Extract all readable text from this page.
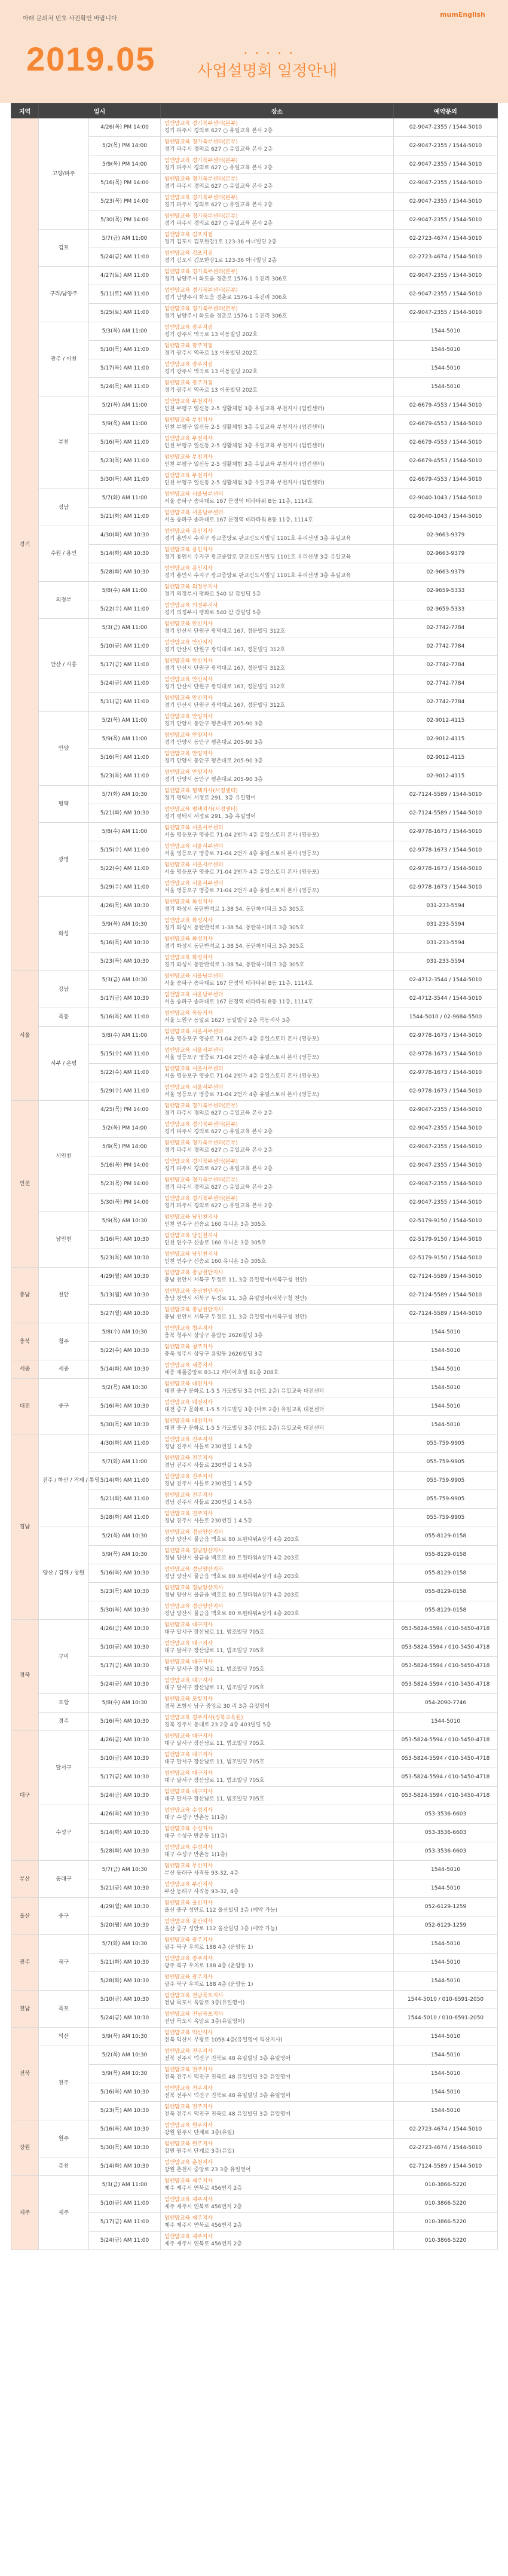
아래 문의처 번호 사전확인 바랍니다.
mumEnglish
2019.05	•••••
사업설명회 일정안내
지역	일시		장소	예약문의
경기	고양/파주	4/26(목) PM 14:00	엄앤맘교육 경기북부센터(본부)
경기 파주시 경의로 627 ○ 유일교육 본사 2층	02-9047-2355 / 1544-5010
		5/2(목) PM 14:00	엄앤맘교육 경기북부센터(본부)
경기 파주시 경의로 627 ○ 유일교육 본사 2층	02-9047-2355 / 1544-5010
		5/9(목) PM 14:00	엄앤맘교육 경기북부센터(본부)
경기 파주시 경의로 627 ○ 유일교육 본사 2층	02-9047-2355 / 1544-5010
		5/16(목) PM 14:00	엄앤맘교육 경기북부센터(본부)
경기 파주시 경의로 627 ○ 유일교육 본사 2층	02-9047-2355 / 1544-5010
		5/23(목) PM 14:00	엄앤맘교육 경기북부센터(본부)
경기 파주시 경의로 627 ○ 유일교육 본사 2층	02-9047-2355 / 1544-5010
		5/30(목) PM 14:00	엄앤맘교육 경기북부센터(본부)
경기 파주시 경의로 627 ○ 유일교육 본사 2층	02-9047-2355 / 1544-5010
	김포	5/7(금) AM 11:00	엄앤맘교육 김포지점
경기 김포시 김포한강1로 123-36 아너빌딩 2층	02-2723-4674 / 1544-5010
		5/24(금) AM 11:00	엄앤맘교육 김포지점
경기 김포시 김포한강1로 123-36 아너빌딩 2층	02-2723-4674 / 1544-5010
	구리/남양주	4/27(토) AM 11:00	엄앤맘교육 경기북부센터(본부)
경기 남양주시 화도읍 경춘로 1576-1 유진리 306호	02-9047-2355 / 1544-5010
		5/11(토) AM 11:00	엄앤맘교육 경기북부센터(본부)
경기 남양주시 화도읍 경춘로 1576-1 유진리 306호	02-9047-2355 / 1544-5010
		5/25(토) AM 11:00	엄앤맘교육 경기북부센터(본부)
경기 남양주시 화도읍 경춘로 1576-1 유진리 306호	02-9047-2355 / 1544-5010
	광주 / 이천	5/3(목) AM 11:00	엄앤맘교육 광주지점
경기 광주시 역곡로 13 이동빌딩 202호	1544-5010
		5/10(목) AM 11:00	엄앤맘교육 광주지점
경기 광주시 역곡로 13 이동빌딩 202호	1544-5010
		5/17(목) AM 11:00	엄앤맘교육 광주지점
경기 광주시 역곡로 13 이동빌딩 202호	1544-5010
		5/24(목) AM 11:00	엄앤맘교육 광주지점
경기 광주시 역곡로 13 이동빌딩 202호	1544-5010
	부천	5/2(목) AM 11:00	엄앤맘교육 부천지사
인천 부평구 일신동 2-5 생활체험 3층 유일교육 부천지사 (엄킨센터)	02-6679-4553 / 1544-5010
		5/9(목) AM 11:00	엄앤맘교육 부천지사
인천 부평구 일신동 2-5 생활체험 3층 유일교육 부천지사 (엄킨센터)	02-6679-4553 / 1544-5010
		5/16(목) AM 11:00	엄앤맘교육 부천지사
인천 부평구 일신동 2-5 생활체험 3층 유일교육 부천지사 (엄킨센터)	02-6679-4553 / 1544-5010
		5/23(목) AM 11:00	엄앤맘교육 부천지사
인천 부평구 일신동 2-5 생활체험 3층 유일교육 부천지사 (엄킨센터)	02-6679-4553 / 1544-5010
		5/30(목) AM 11:00	엄앤맘교육 부천지사
인천 부평구 일신동 2-5 생활체험 3층 유일교육 부천지사 (엄킨센터)	02-6679-4553 / 1544-5010
	성남	5/7(화) AM 11:00	엄앤맘교육 서울남부센터
서울 송파구 송파대로 167 문정역 테라타워 B동 11층, 1114호	02-9040-1043 / 1544-5010
		5/21(화) AM 11:00	엄앤맘교육 서울남부센터
서울 송파구 송파대로 167 문정역 테라타워 B동 11층, 1114호	02-9040-1043 / 1544-5010
	수원 / 용인	4/30(화) AM 10:30	엄앤맘교육 용인지사
경기 용인시 수지구 광교중앙로 판교신도시빌딩 1101호 우리선생 3층 유일교육	02-9663-9379
		5/14(화) AM 10:30	엄앤맘교육 용인지사
경기 용인시 수지구 광교중앙로 판교신도시빌딩 1101호 우리선생 3층 유일교육	02-9663-9379
		5/28(화) AM 10:30	엄앤맘교육 용인지사
경기 용인시 수지구 광교중앙로 판교신도시빌딩 1101호 우리선생 3층 유일교육	02-9663-9379
	의정부	5/8(수) AM 11:00	엄앤맘교육 의정부지사
경기 의정부시 평화로 540 삼 갑빌딩 5층	02-9659-5333
		5/22(수) AM 11:00	엄앤맘교육 의정부지사
경기 의정부시 평화로 540 삼 갑빌딩 5층	02-9659-5333
	안산 / 시흥	5/3(금) AM 11:00	엄앤맘교육 안산지사
경기 안산시 단원구 광덕대로 167, 정문빌딩 312호	02-7742-7784
		5/10(금) AM 11:00	엄앤맘교육 안산지사
경기 안산시 단원구 광덕대로 167, 정문빌딩 312호	02-7742-7784
		5/17(금) AM 11:00	엄앤맘교육 안산지사
경기 안산시 단원구 광덕대로 167, 정문빌딩 312호	02-7742-7784
		5/24(금) AM 11:00	엄앤맘교육 안산지사
경기 안산시 단원구 광덕대로 167, 정문빌딩 312호	02-7742-7784
		5/31(금) AM 11:00	엄앤맘교육 안산지사
경기 안산시 단원구 광덕대로 167, 정문빌딩 312호	02-7742-7784
	안양	5/2(목) AM 11:00	엄앤맘교육 안양지사
경기 안양시 동안구 평촌대로 205-90 3층	02-9012-4115
		5/9(목) AM 11:00	엄앤맘교육 안양지사
경기 안양시 동안구 평촌대로 205-90 3층	02-9012-4115
		5/16(목) AM 11:00	엄앤맘교육 안양지사
경기 안양시 동안구 평촌대로 205-90 3층	02-9012-4115
		5/23(목) AM 11:00	엄앤맘교육 안양지사
경기 안양시 동안구 평촌대로 205-90 3층	02-9012-4115
	평택	5/7(화) AM 10:30	엄앤맘교육 평택지사(서정센터)
경기 평택시 서정로 291, 3층 유일영어	02-7124-5589 / 1544-5010
		5/21(화) AM 10:30	엄앤맘교육 평택지사(서정센터)
경기 평택시 서정로 291, 3층 유일영어	02-7124-5589 / 1544-5010
	광명	5/8(수) AM 11:00	엄앤맘교육 서울서부센터
서울 영등포구 영중로 71-04 2번가 4층 유일스토리 본사 (영등포)	02-9778-1673 / 1544-5010
		5/15(수) AM 11:00	엄앤맘교육 서울서부센터
서울 영등포구 영중로 71-04 2번가 4층 유일스토리 본사 (영등포)	02-9778-1673 / 1544-5010
		5/22(수) AM 11:00	엄앤맘교육 서울서부센터
서울 영등포구 영중로 71-04 2번가 4층 유일스토리 본사 (영등포)	02-9778-1673 / 1544-5010
		5/29(수) AM 11:00	엄앤맘교육 서울서부센터
서울 영등포구 영중로 71-04 2번가 4층 유일스토리 본사 (영등포)	02-9778-1673 / 1544-5010
	화성	4/26(목) AM 10:30	엄앤맘교육 화성지사
경기 화성시 동탄반석로 1-38 54, 동탄하이피크 3층 305호	031-233-5594
		5/9(목) AM 10:30	엄앤맘교육 화성지사
경기 화성시 동탄반석로 1-38 54, 동탄하이피크 3층 305호	031-233-5594
		5/16(목) AM 10:30	엄앤맘교육 화성지사
경기 화성시 동탄반석로 1-38 54, 동탄하이피크 3층 305호	031-233-5594
		5/23(목) AM 10:30	엄앤맘교육 화성지사
경기 화성시 동탄반석로 1-38 54, 동탄하이피크 3층 305호	031-233-5594
서울	강남	5/3(금) AM 10:30	엄앤맘교육 서울남부센터
서울 송파구 송파대로 167 문정역 테라타워 B동 11층, 1114호	02-4712-3544 / 1544-5010
		5/17(금) AM 10:30	엄앤맘교육 서울남부센터
서울 송파구 송파대로 167 문정역 테라타워 B동 11층, 1114호	02-4712-3544 / 1544-5010
	목동	5/16(목) AM 11:00	엄앤맘교육 목동지사
서울 노원구 동일로 1627 동일빌딩 2층 목동지사 3층	1544-5010 / 02-9684-5500
	서부 / 은평	5/8(수) AM 11:00	엄앤맘교육 서울서부센터
서울 영등포구 영중로 71-04 2번가 4층 유일스토리 본사 (영등포)	02-9778-1673 / 1544-5010
		5/15(수) AM 11:00	엄앤맘교육 서울서부센터
서울 영등포구 영중로 71-04 2번가 4층 유일스토리 본사 (영등포)	02-9778-1673 / 1544-5010
		5/22(수) AM 11:00	엄앤맘교육 서울서부센터
서울 영등포구 영중로 71-04 2번가 4층 유일스토리 본사 (영등포)	02-9778-1673 / 1544-5010
		5/29(수) AM 11:00	엄앤맘교육 서울서부센터
서울 영등포구 영중로 71-04 2번가 4층 유일스토리 본사 (영등포)	02-9778-1673 / 1544-5010
인천	서인천	4/25(목) PM 14:00	엄앤맘교육 경기북부센터(본부)
경기 파주시 경의로 627 ○ 유일교육 본사 2층	02-9047-2355 / 1544-5010
		5/2(목) PM 14:00	엄앤맘교육 경기북부센터(본부)
경기 파주시 경의로 627 ○ 유일교육 본사 2층	02-9047-2355 / 1544-5010
		5/9(목) PM 14:00	엄앤맘교육 경기북부센터(본부)
경기 파주시 경의로 627 ○ 유일교육 본사 2층	02-9047-2355 / 1544-5010
		5/16(목) PM 14:00	엄앤맘교육 경기북부센터(본부)
경기 파주시 경의로 627 ○ 유일교육 본사 2층	02-9047-2355 / 1544-5010
		5/23(목) PM 14:00	엄앤맘교육 경기북부센터(본부)
경기 파주시 경의로 627 ○ 유일교육 본사 2층	02-9047-2355 / 1544-5010
		5/30(목) PM 14:00	엄앤맘교육 경기북부센터(본부)
경기 파주시 경의로 627 ○ 유일교육 본사 2층	02-9047-2355 / 1544-5010
	남인천	5/9(목) AM 10:30	엄앤맘교육 남인천지사
인천 연수구 신송로 160 유니온 3층 305호	02-5179-9150 / 1544-5010
		5/16(목) AM 10:30	엄앤맘교육 남인천지사
인천 연수구 신송로 160 유니온 3층 305호	02-5179-9150 / 1544-5010
		5/23(목) AM 10:30	엄앤맘교육 남인천지사
인천 연수구 신송로 160 유니온 3층 305호	02-5179-9150 / 1544-5010
충남	천안	4/29(월) AM 10:30	엄앤맘교육 충남천안지사
충남 천안시 서북구 두정로 11, 3층 유일영어(서북구청 천안)	02-7124-5589 / 1544-5010
		5/13(월) AM 10:30	엄앤맘교육 충남천안지사
충남 천안시 서북구 두정로 11, 3층 유일영어(서북구청 천안)	02-7124-5589 / 1544-5010
		5/27(월) AM 10:30	엄앤맘교육 충남천안지사
충남 천안시 서북구 두정로 11, 3층 유일영어(서북구청 천안)	02-7124-5589 / 1544-5010
충북	청주	5/8(수) AM 10:30	엄앤맘교육 청주지사
충북 청주시 상당구 용암동 2626빌딩 3층	1544-5010
		5/22(수) AM 10:30	엄앤맘교육 청주지사
충북 청주시 상당구 용암동 2626빌딩 3층	1544-5010
세종	세종	5/14(화) AM 10:30	엄앤맘교육 세종지사
세종 새롬중앙로 83-12 케미아호텔 B1층 208호	1544-5010
대전	중구	5/2(목) AM 10:30	엄앤맘교육 대전지사
대전 중구 문화로 1-5 5 가도빌딩 3층 (마트 2층) 유일교육 대전센터	1544-5010
		5/16(목) AM 10:30	엄앤맘교육 대전지사
대전 중구 문화로 1-5 5 가도빌딩 3층 (마트 2층) 유일교육 대전센터	1544-5010
		5/30(목) AM 10:30	엄앤맘교육 대전지사
대전 중구 문화로 1-5 5 가도빌딩 3층 (마트 2층) 유일교육 대전센터	1544-5010
경남	진주 / 하산 / 거제 / 통영	4/30(화) AM 11:00	엄앤맘교육 진주지사
경남 진주시 사들로 230번길 1 4.5층	055-759-9905
		5/7(화) AM 11:00	엄앤맘교육 진주지사
경남 진주시 사들로 230번길 1 4.5층	055-759-9905
		5/14(화) AM 11:00	엄앤맘교육 진주지사
경남 진주시 사들로 230번길 1 4.5층	055-759-9905
		5/21(화) AM 11:00	엄앤맘교육 진주지사
경남 진주시 사들로 230번길 1 4.5층	055-759-9905
		5/28(화) AM 11:00	엄앤맘교육 진주지사
경남 진주시 사들로 230번길 1 4.5층	055-759-9905
	양산 / 김해 / 창원	5/2(목) AM 10:30	엄앤맘교육 경남양산지사
경남 양산시 물금읍 백호로 80 트윈타워A상가 4층 203호	055-8129-0158
		5/9(목) AM 10:30	엄앤맘교육 경남양산지사
경남 양산시 물금읍 백호로 80 트윈타워A상가 4층 203호	055-8129-0158
		5/16(목) AM 10:30	엄앤맘교육 경남양산지사
경남 양산시 물금읍 백호로 80 트윈타워A상가 4층 203호	055-8129-0158
		5/23(목) AM 10:30	엄앤맘교육 경남양산지사
경남 양산시 물금읍 백호로 80 트윈타워A상가 4층 203호	055-8129-0158
		5/30(목) AM 10:30	엄앤맘교육 경남양산지사
경남 양산시 물금읍 백호로 80 트윈타워A상가 4층 203호	055-8129-0158
경북	구미	4/26(금) AM 10:30	엄앤맘교육 대구지사
대구 달서구 장산남로 11, 법조빌딩 705호	053-5824-5594 / 010-5450-4718
		5/10(금) AM 10:30	엄앤맘교육 대구지사
대구 달서구 장산남로 11, 법조빌딩 705호	053-5824-5594 / 010-5450-4718
		5/17(금) AM 10:30	엄앤맘교육 대구지사
대구 달서구 장산남로 11, 법조빌딩 705호	053-5824-5594 / 010-5450-4718
		5/24(금) AM 10:30	엄앤맘교육 대구지사
대구 달서구 장산남로 11, 법조빌딩 705호	053-5824-5594 / 010-5450-4718
	포항	5/8(수) AM 10:30	엄앤맘교육 포항지사
경북 포항시 남구 중앙로 30 리 3층 유일영어	054-2090-7746
	경주	5/16(목) AM 10:30	엄앤맘교육 경주지사(경북교육원)
경북 경주시 동대로 23 2층 4층 403빌딩 5층	1544-5010
대구	달서구	4/26(금) AM 10:30	엄앤맘교육 대구지사
대구 달서구 장산남로 11, 법조빌딩 705호	053-5824-5594 / 010-5450-4718
		5/10(금) AM 10:30	엄앤맘교육 대구지사
대구 달서구 장산남로 11, 법조빌딩 705호	053-5824-5594 / 010-5450-4718
		5/17(금) AM 10:30	엄앤맘교육 대구지사
대구 달서구 장산남로 11, 법조빌딩 705호	053-5824-5594 / 010-5450-4718
		5/24(금) AM 10:30	엄앤맘교육 대구지사
대구 달서구 장산남로 11, 법조빌딩 705호	053-5824-5594 / 010-5450-4718
	수성구	4/26(목) AM 10:30	엄앤맘교육 수성지사
대구 수성구 만촌동 1(1층)	053-3536-6603
		5/14(화) AM 10:30	엄앤맘교육 수성지사
대구 수성구 만촌동 1(1층)	053-3536-6603
		5/28(화) AM 10:30	엄앤맘교육 수성지사
대구 수성구 만촌동 1(1층)	053-3536-6603
부산	동래구	5/7(금) AM 10:30	엄앤맘교육 부산지사
부산 동래구 사직동 93-32, 4층	1544-5010
		5/21(금) AM 10:30	엄앤맘교육 부산지사
부산 동래구 사직동 93-32, 4층	1544-5010
울산	중구	4/29(월) AM 10:30	엄앤맘교육 울산지사
울산 중구 성안로 112 울산빌딩 3층 (예약 가능)	052-6129-1259
		5/20(월) AM 10:30	엄앤맘교육 울산지사
울산 중구 성안로 112 울산빌딩 3층 (예약 가능)	052-6129-1259
광주	북구	5/7(화) AM 10:30	엄앤맘교육 광주지사
광주 북구 우치로 188 4층 (운암동 1)	1544-5010
		5/21(화) AM 10:30	엄앤맘교육 광주지사
광주 북구 우치로 188 4층 (운암동 1)	1544-5010
		5/28(화) AM 10:30	엄앤맘교육 광주지사
광주 북구 우치로 188 4층 (운암동 1)	1544-5010
전남	목포	5/10(금) AM 10:30	엄앤맘교육 전남목포지사
전남 목포시 옥암로 3층(유일영어)	1544-5010 / 010-6591-2050
		5/24(금) AM 10:30	엄앤맘교육 전남목포지사
전남 목포시 옥암로 3층(유일영어)	1544-5010 / 010-6591-2050
전북	익산	5/9(목) AM 10:30	엄앤맘교육 익산지사
전북 익산시 무왕로 1058 4층(유일영어 익산지사)	1544-5010
	전주	5/2(목) AM 10:30	엄앤맘교육 전주지사
전북 전주시 덕진구 진북로 48 유일빌딩 3층 유일영어	1544-5010
		5/9(목) AM 10:30	엄앤맘교육 전주지사
전북 전주시 덕진구 진북로 48 유일빌딩 3층 유일영어	1544-5010
		5/16(목) AM 10:30	엄앤맘교육 전주지사
전북 전주시 덕진구 진북로 48 유일빌딩 3층 유일영어	1544-5010
		5/23(목) AM 10:30	엄앤맘교육 전주지사
전북 전주시 덕진구 진북로 48 유일빌딩 3층 유일영어	1544-5010
강원	원주	5/16(목) AM 10:30	엄앤맘교육 원주지사
강원 원주시 단계로 3층(유일)	02-2723-4674 / 1544-5010
		5/30(목) AM 10:30	엄앤맘교육 원주지사
강원 원주시 단계로 3층(유일)	02-2723-4674 / 1544-5010
	춘천	5/14(화) AM 10:30	엄앤맘교육 춘천지사
강원 춘천시 중앙로 23 3층 유일영어	02-7124-5589 / 1544-5010
제주	제주	5/3(금) AM 11:00	엄앤맘교육 제주지사
제주 제주시 연북로 456번지 2층	010-3866-5220
		5/10(금) AM 11:00	엄앤맘교육 제주지사
제주 제주시 연북로 456번지 2층	010-3866-5220
		5/17(금) AM 11:00	엄앤맘교육 제주지사
제주 제주시 연북로 456번지 2층	010-3866-5220
		5/24(금) AM 11:00	엄앤맘교육 제주지사
제주 제주시 연북로 456번지 2층	010-3866-5220
